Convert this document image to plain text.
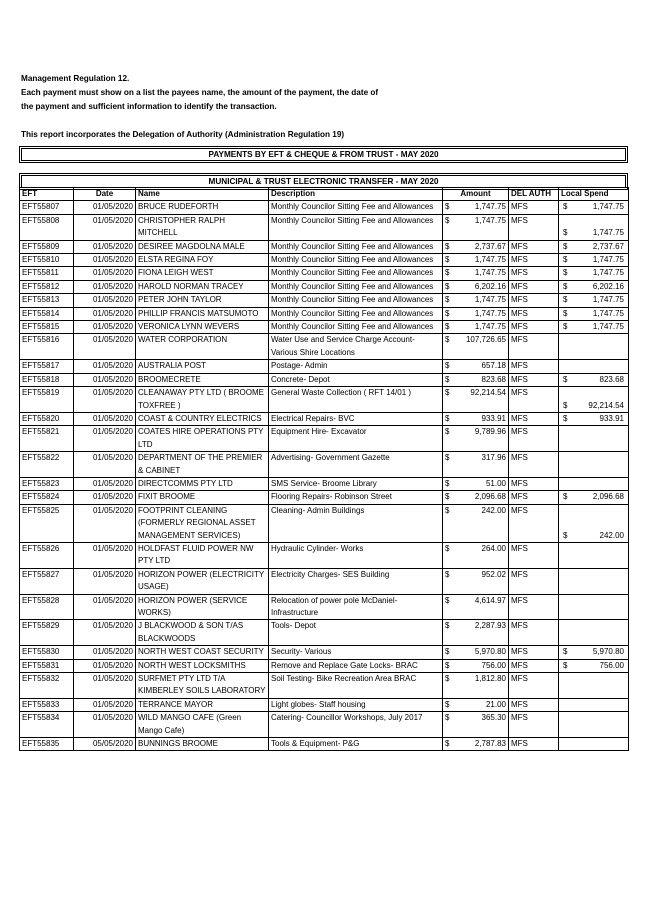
Management Regulation 12.
Each payment must show on a list the payees name, the amount of the payment, the date of
the payment and sufficient information to identify the transaction.
This report incorporates the Delegation of Authority (Administration Regulation 19)
PAYMENTS BY EFT & CHEQUE & FROM TRUST - MAY 2020
MUNICIPAL & TRUST ELECTRONIC TRANSFER - MAY 2020
EFT	Date	Name	Description	Amount	DEL AUTH	Local Spend
EFT55807	01/05/2020	BRUCE RUDEFORTH	Monthly Councilor Sitting Fee and Allowances	$ 1,747.75	MFS	$ 1,747.75

EFT55808	01/05/2020	CHRISTOPHER RALPH MITCHELL	Monthly Councilor Sitting Fee and Allowances	$ 1,747.75	MFS	$ 1,747.75

EFT55809	01/05/2020	DESIREE MAGDOLNA MALE	Monthly Councilor Sitting Fee and Allowances	$ 2,737.67	MFS	$ 2,737.67

EFT55810	01/05/2020	ELSTA REGINA FOY	Monthly Councilor Sitting Fee and Allowances	$ 1,747.75	MFS	$ 1,747.75

EFT55811	01/05/2020	FIONA LEIGH WEST	Monthly Councilor Sitting Fee and Allowances	$ 1,747.75	MFS	$ 1,747.75

EFT55812	01/05/2020	HAROLD NORMAN TRACEY	Monthly Councilor Sitting Fee and Allowances	$ 6,202.16	MFS	$ 6,202.16

EFT55813	01/05/2020	PETER JOHN TAYLOR	Monthly Councilor Sitting Fee and Allowances	$ 1,747.75	MFS	$ 1,747.75

EFT55814	01/05/2020	PHILLIP FRANCIS MATSUMOTO	Monthly Councilor Sitting Fee and Allowances	$ 1,747.75	MFS	$ 1,747.75

EFT55815	01/05/2020	VERONICA LYNN WEVERS	Monthly Councilor Sitting Fee and Allowances	$ 1,747.75	MFS	$ 1,747.75

EFT55816	01/05/2020	WATER CORPORATION	Water Use and Service Charge Account- Various Shire Locations	$ 107,726.65	MFS	
EFT55817	01/05/2020	AUSTRALIA POST	Postage- Admin	$ 657.18	MFS	
EFT55818	01/05/2020	BROOMECRETE	Concrete- Depot	$ 823.68	MFS	$ 823.68

EFT55819	01/05/2020	CLEANAWAY PTY LTD ( BROOME TOXFREE )	General Waste Collection ( RFT 14/01 )	$ 92,214.54	MFS	$ 92,214.54

EFT55820	01/05/2020	COAST & COUNTRY ELECTRICS	Electrical Repairs- BVC	$ 933.91	MFS	$ 933.91

EFT55821	01/05/2020	COATES HIRE OPERATIONS PTY LTD	Equipment Hire- Excavator	$ 9,789.96	MFS	
EFT55822	01/05/2020	DEPARTMENT OF THE PREMIER & CABINET	Advertising- Government Gazette	$ 317.96	MFS	
EFT55823	01/05/2020	DIRECTCOMMS PTY LTD	SMS Service- Broome Library	$ 51.00	MFS	
EFT55824	01/05/2020	FIXIT BROOME	Flooring Repairs- Robinson Street	$ 2,096.68	MFS	$ 2,096.68

EFT55825	01/05/2020	FOOTPRINT CLEANING (FORMERLY REGIONAL ASSET MANAGEMENT SERVICES)	Cleaning- Admin Buildings	$ 242.00	MFS	$ 242.00

EFT55826	01/05/2020	HOLDFAST FLUID POWER NW PTY LTD	Hydraulic Cylinder- Works	$ 264.00	MFS	
EFT55827	01/05/2020	HORIZON POWER (ELECTRICITY USAGE)	Electricity Charges- SES Building	$ 952.02	MFS	
EFT55828	01/05/2020	HORIZON POWER (SERVICE WORKS)	Relocation of power pole McDaniel- Infrastructure	$ 4,614.97	MFS	
EFT55829	01/05/2020	J BLACKWOOD & SON T/AS BLACKWOODS	Tools- Depot	$ 2,287.93	MFS	
EFT55830	01/05/2020	NORTH WEST COAST SECURITY	Security- Various	$ 5,970.80	MFS	$ 5,970.80

EFT55831	01/05/2020	NORTH WEST LOCKSMITHS	Remove and Replace Gate Locks- BRAC	$ 756.00	MFS	$ 756.00

EFT55832	01/05/2020	SURFMET PTY LTD T/A KIMBERLEY SOILS LABORATORY	Soil Testing- Bike Recreation Area BRAC	$ 1,812.80	MFS	
EFT55833	01/05/2020	TERRANCE MAYOR	Light globes- Staff housing	$ 21.00	MFS	
EFT55834	01/05/2020	WILD MANGO CAFE (Green Mango Cafe)	Catering- Councillor Workshops, July 2017	$ 365.30	MFS	
EFT55835	05/05/2020	BUNNINGS BROOME	Tools & Equipment- P&G	$ 2,787.83	MFS	
